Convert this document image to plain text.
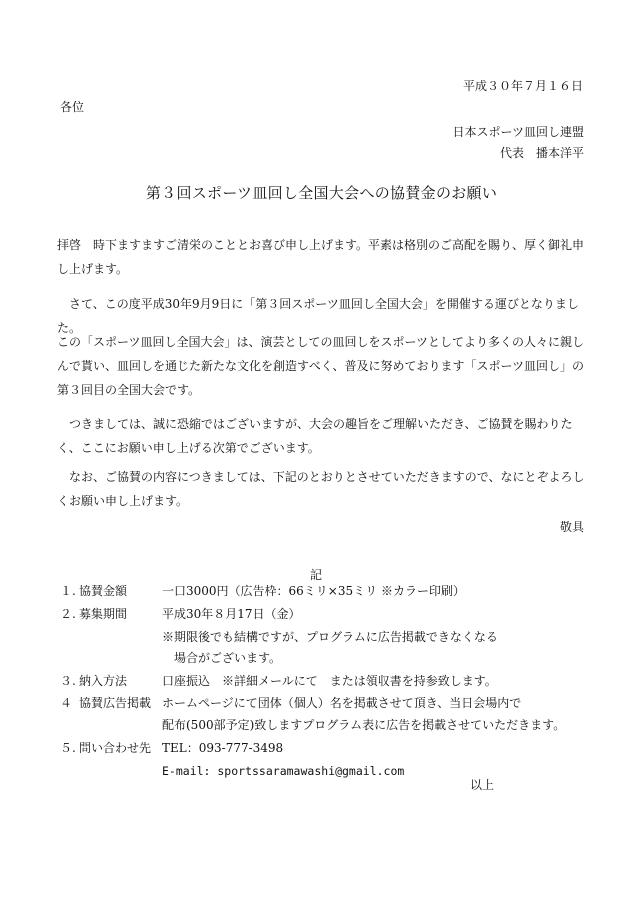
平成３０年７月１６日
各位
日本スポーツ皿回し連盟
代表　播本洋平
第３回スポーツ皿回し全国大会への協賛金のお願い

拝啓　時下ますますご清栄のこととお喜び申し上げます。平素は格別のご高配を賜り、厚く御礼申し上げます。

さて、この度平成30年9月9日に「第３回スポーツ皿回し全国大会」を開催する運びとなりました。

この「スポーツ皿回し全国大会」は、演芸としての皿回しをスポーツとしてより多くの人々に親しんで貰い、皿回しを通じた新たな文化を創造すべく、普及に努めております「スポーツ皿回し」の第３回目の全国大会です。

つきましては、誠に恐縮ではございますが、大会の趣旨をご理解いただき、ご協賛を賜わりたく、ここにお願い申し上げる次第でございます。

なお、ご協賛の内容につきましては、下記のとおりとさせていただきますので、なにとぞよろしくお願い申し上げます。

敬具
記
１. 協賛金額	一口3000円（広告枠：66ミリ×35ミリ ※カラー印刷）
２. 募集期間	平成30年８月17日（金）
※期限後でも結構ですが、プログラムに広告掲載できなくなる
　場合がございます。
３. 納入方法	口座振込　※詳細メールにて　または領収書を持参致します。
４ 協賛広告掲載 ホームページにて団体（個人）名を掲載させて頂き、当日会場内で
配布(500部予定)致しますプログラム表に広告を掲載させていただきます。
５. 問い合わせ先 TEL：093-777-3498
E-mail: sportssaramawashi@gmail.com
以上
